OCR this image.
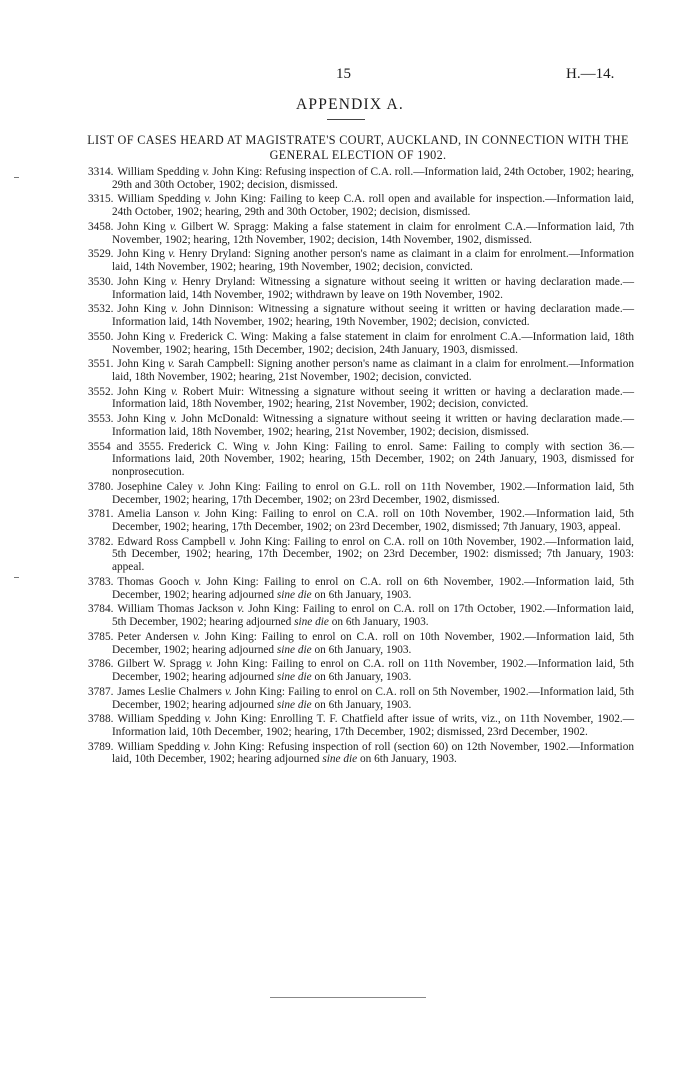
15	H.—14.
APPENDIX A.
LIST OF CASES HEARD AT MAGISTRATE'S COURT, AUCKLAND, IN CONNECTION WITH THE GENERAL ELECTION OF 1902.

3314. William Spedding v. John King: Refusing inspection of C.A. roll.—Information laid, 24th October, 1902; hearing, 29th and 30th October, 1902; decision, dismissed.

3315. William Spedding v. John King: Failing to keep C.A. roll open and available for inspection.—Information laid, 24th October, 1902; hearing, 29th and 30th October, 1902; decision, dismissed.

3458. John King v. Gilbert W. Spragg: Making a false statement in claim for enrolment C.A.—Information laid, 7th November, 1902; hearing, 12th November, 1902; decision, 14th November, 1902, dismissed.

3529. John King v. Henry Dryland: Signing another person's name as claimant in a claim for enrolment.—Information laid, 14th November, 1902; hearing, 19th November, 1902; decision, convicted.

3530. John King v. Henry Dryland: Witnessing a signature without seeing it written or having declaration made.—Information laid, 14th November, 1902; withdrawn by leave on 19th November, 1902.

3532. John King v. John Dinnison: Witnessing a signature without seeing it written or having declaration made.—Information laid, 14th November, 1902; hearing, 19th November, 1902; decision, convicted.

3550. John King v. Frederick C. Wing: Making a false statement in claim for enrolment C.A.—Information laid, 18th November, 1902; hearing, 15th December, 1902; decision, 24th January, 1903, dismissed.

3551. John King v. Sarah Campbell: Signing another person's name as claimant in a claim for enrolment.—Information laid, 18th November, 1902; hearing, 21st November, 1902; decision, convicted.

3552. John King v. Robert Muir: Witnessing a signature without seeing it written or having a declaration made.—Information laid, 18th November, 1902; hearing, 21st November, 1902; decision, convicted.

3553. John King v. John McDonald: Witnessing a signature without seeing it written or having declaration made.—Information laid, 18th November, 1902; hearing, 21st November, 1902; decision, dismissed.

3554 and 3555. Frederick C. Wing v. John King: Failing to enrol. Same: Failing to comply with section 36.—Informations laid, 20th November, 1902; hearing, 15th December, 1902; on 24th January, 1903, dismissed for nonprosecution.

3780. Josephine Caley v. John King: Failing to enrol on G.L. roll on 11th November, 1902.—Information laid, 5th December, 1902; hearing, 17th December, 1902; on 23rd December, 1902, dismissed.

3781. Amelia Lanson v. John King: Failing to enrol on C.A. roll on 10th November, 1902.—Information laid, 5th December, 1902; hearing, 17th December, 1902; on 23rd December, 1902, dismissed; 7th January, 1903, appeal.

3782. Edward Ross Campbell v. John King: Failing to enrol on C.A. roll on 10th November, 1902.—Information laid, 5th December, 1902; hearing, 17th December, 1902; on 23rd December, 1902: dismissed; 7th January, 1903: appeal.

3783. Thomas Gooch v. John King: Failing to enrol on C.A. roll on 6th November, 1902.—Information laid, 5th December, 1902; hearing adjourned sine die on 6th January, 1903.

3784. William Thomas Jackson v. John King: Failing to enrol on C.A. roll on 17th October, 1902.—Information laid, 5th December, 1902; hearing adjourned sine die on 6th January, 1903.

3785. Peter Andersen v. John King: Failing to enrol on C.A. roll on 10th November, 1902.—Information laid, 5th December, 1902; hearing adjourned sine die on 6th January, 1903.

3786. Gilbert W. Spragg v. John King: Failing to enrol on C.A. roll on 11th November, 1902.—Information laid, 5th December, 1902; hearing adjourned sine die on 6th January, 1903.

3787. James Leslie Chalmers v. John King: Failing to enrol on C.A. roll on 5th November, 1902.—Information laid, 5th December, 1902; hearing adjourned sine die on 6th January, 1903.

3788. William Spedding v. John King: Enrolling T. F. Chatfield after issue of writs, viz., on 11th November, 1902.—Information laid, 10th December, 1902; hearing, 17th December, 1902; dismissed, 23rd December, 1902.

3789. William Spedding v. John King: Refusing inspection of roll (section 60) on 12th November, 1902.—Information laid, 10th December, 1902; hearing adjourned sine die on 6th January, 1903.
